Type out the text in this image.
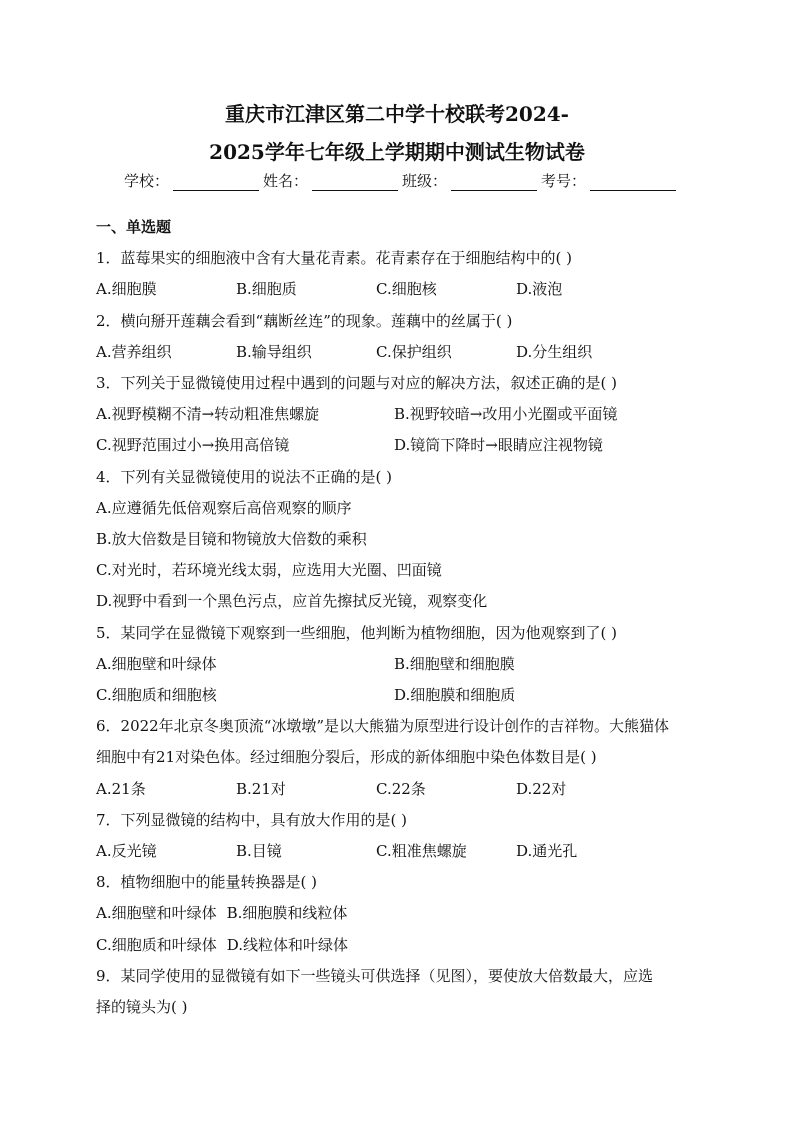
重庆市江津区第二中学十校联考2024-
2025学年七年级上学期期中测试生物试卷
学校：	姓名：	班级：	考号：
一、单选题
1．蓝莓果实的细胞液中含有大量花青素。花青素存在于细胞结构中的( )
A.细胞膜	B.细胞质	C.细胞核	D.液泡
2．横向掰开莲藕会看到“藕断丝连”的现象。莲藕中的丝属于( )
A.营养组织	B.输导组织	C.保护组织	D.分生组织
3．下列关于显微镜使用过程中遇到的问题与对应的解决方法，叙述正确的是( )
A.视野模糊不清→转动粗准焦螺旋	B.视野较暗→改用小光圈或平面镜
C.视野范围过小→换用高倍镜	D.镜筒下降时→眼睛应注视物镜
4．下列有关显微镜使用的说法不正确的是( )
A.应遵循先低倍观察后高倍观察的顺序
B.放大倍数是目镜和物镜放大倍数的乘积
C.对光时，若环境光线太弱，应选用大光圈、凹面镜
D.视野中看到一个黑色污点，应首先擦拭反光镜，观察变化
5．某同学在显微镜下观察到一些细胞，他判断为植物细胞，因为他观察到了( )
A.细胞壁和叶绿体	B.细胞壁和细胞膜
C.细胞质和细胞核	D.细胞膜和细胞质
6．2022年北京冬奥顶流“冰墩墩”是以大熊猫为原型进行设计创作的吉祥物。大熊猫体
细胞中有21对染色体。经过细胞分裂后，形成的新体细胞中染色体数目是( )
A.21条	B.21对	C.22条	D.22对
7．下列显微镜的结构中，具有放大作用的是( )
A.反光镜	B.目镜	C.粗准焦螺旋	D.通光孔
8．植物细胞中的能量转换器是( )
A.细胞壁和叶绿体 B.细胞膜和线粒体
C.细胞质和叶绿体 D.线粒体和叶绿体
9．某同学使用的显微镜有如下一些镜头可供选择（见图），要使放大倍数最大，应选
择的镜头为( )
